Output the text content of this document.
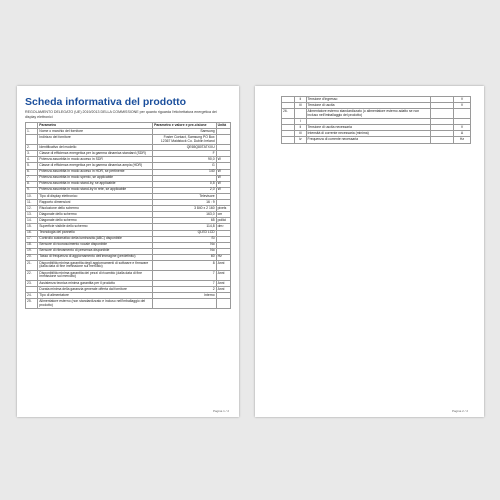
Scheda informativa del prodotto
REGOLAMENTO DELEGATO (UE) 2019/2013 DELLA COMMISSIONE per quanto riguarda l'etichettatura energetica dei display elettronici
	Parametro	Parametro e valore e pre-cisione	Unità
1.	Nome o marchio del fornitore	Samsung	
	Indirizzo del fornitore	Foster Contact, Samsung PO Box 12367 Maidstock Co. Dublin Ireland	
2.	Identificativo del modello	QE65Q80TATXXU	
3.	Classe di efficienza energetica per la gamma dinamica standard (SDR)	F	
4.	Potenza assorbita in modo acceso in SDR	90,0	W
5.	Classe di efficienza energetica per la gamma dinamica ampia (HDR)	G	
6.	Potenza assorbita in modo acceso in HDR, se pertinente	140	W
7.	Potenza assorbita in modo spento, se applicabile		W
8.	Potenza assorbita in modo stand-by, se applicabile	0,5	W
9.	Potenza assorbita in modo stand-by in rete, se applicabile	2,0	W
10.	Tipo di display elettronico	Televisore	
11.	Rapporto dimensioni	16 : 9	
12.	Risoluzione dello schermo	3 840 x 2 160	pixels
13.	Diagonale dello schermo	163,0	cm
14.	Diagonale dello schermo	65	pollici
15.	Superficie visibile dello schermo	114,8	dm²
16.	Tecnologia del pannello	QLED LCD	
17.	Controllo automatico della luminosità (ABC) disponibile	Sì	
18.	Sensore di riconoscimento vocale disponibile	No	
19.	Sensore di rilevamento di presenza disponibile	No	
20.	Tasso di frequenza di aggiornamento dell'immagine (predefinito)	60	Hz
21.	Disponibilità minima garantita degli aggiornamenti di software e firmware (dalla data di fine immissione sul mercato)	8	Anni
22.	Disponibilità minima garantita dei pezzi di ricambio (dalla data di fine immissione sul mercato)	7	Anni
23.	Assistenza tecnica minima garantita per il prodotto	7	Anni
	Durata minima della garanzia generale offerta dal fornitore	2	Anni
24.	Tipo di alimentatore	Interno	
25.	Alimentatore esterno (non standardizzato e incluso nell'imballaggio del prodotto)		
Pagina 1 / 2
	ii	Tensione d'ingresso		V
	iii	Tensione di uscita		V
26.		Alimentatore esterno standardizzato (o alimentatore esterno adatto se non incluso nell'imballaggio del prodotto)		
	i			
	ii	Tensione di uscita necessaria		V
	iii	Intensità di corrente necessaria (minima)		A
	iv	Frequenza di corrente necessaria		Hz
Pagina 2 / 2
